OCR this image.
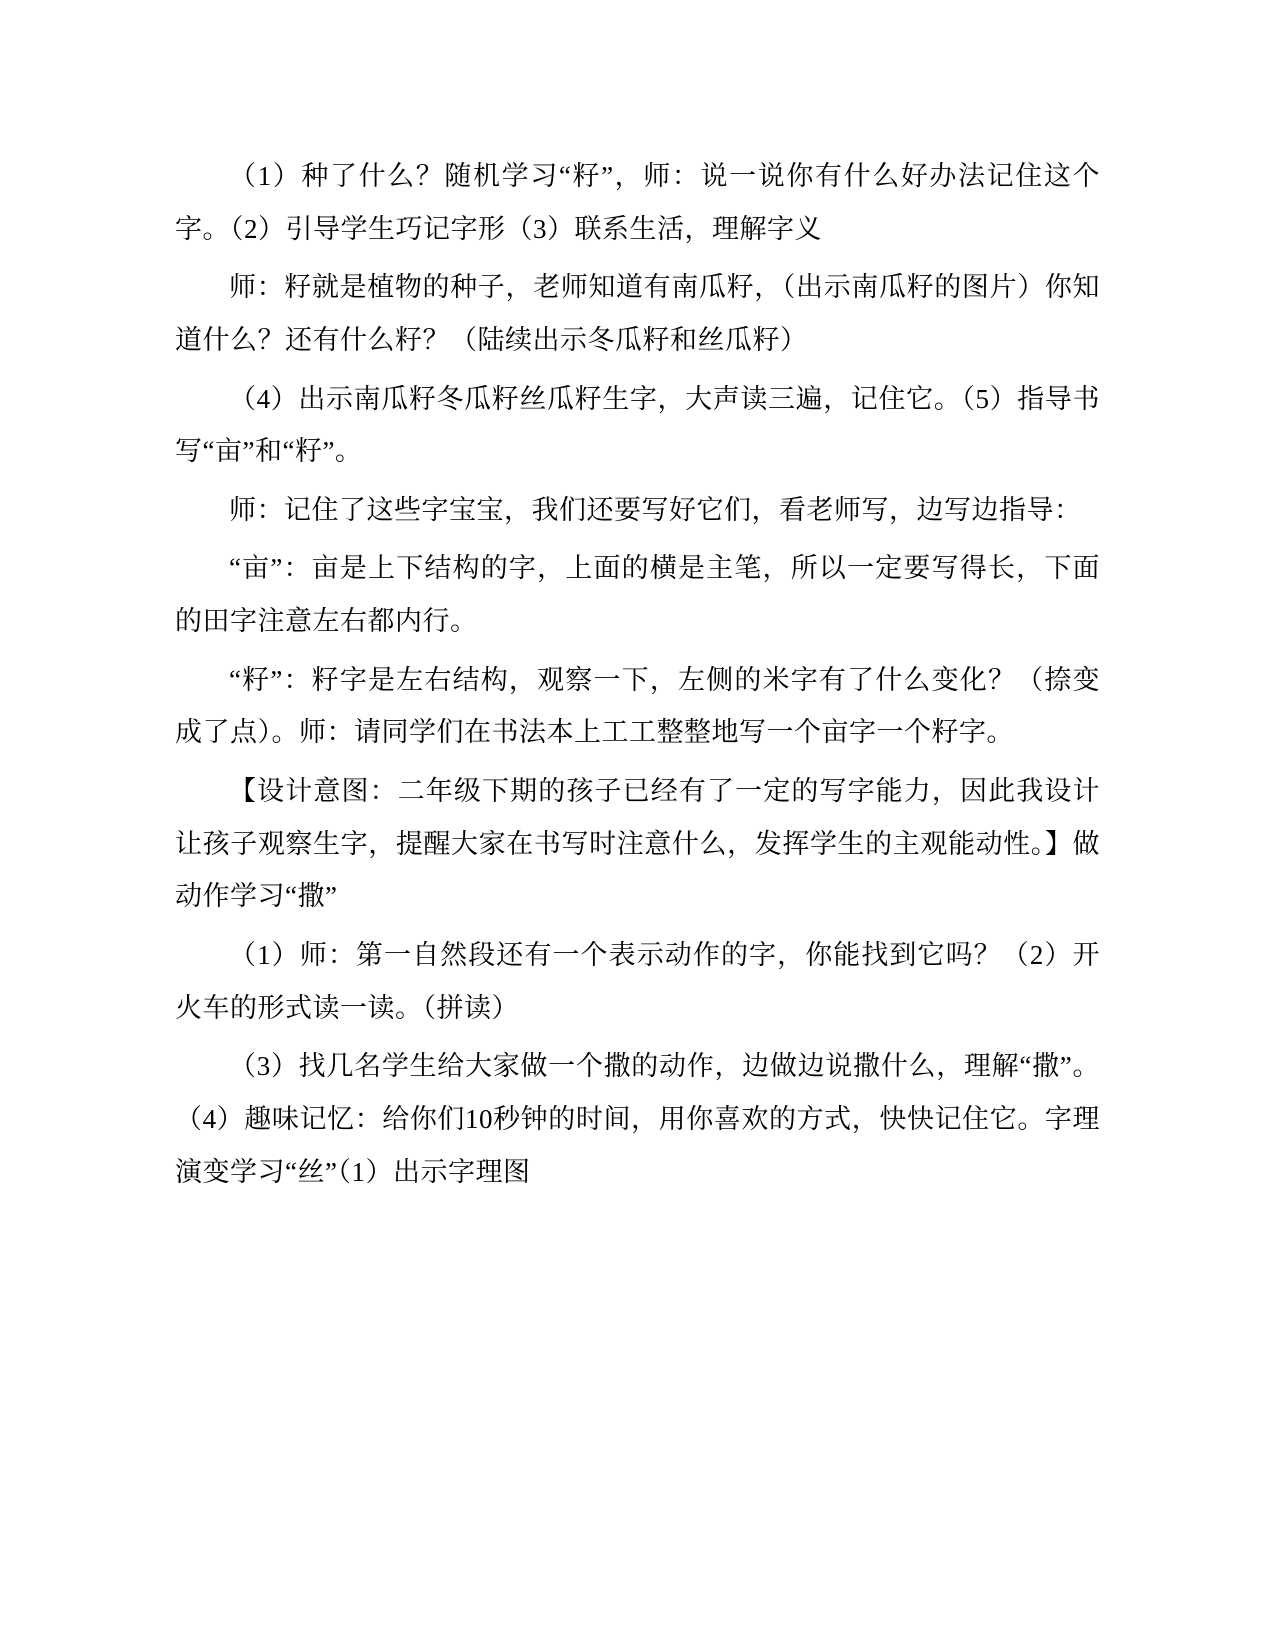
（1）种了什么？随机学习“籽”，师：说一说你有什么好办法记住这个字。（2）引导学生巧记字形（3）联系生活，理解字义

师：籽就是植物的种子，老师知道有南瓜籽，（出示南瓜籽的图片）你知道什么？还有什么籽？（陆续出示冬瓜籽和丝瓜籽）

（4）出示南瓜籽冬瓜籽丝瓜籽生字，大声读三遍，记住它。（5）指导书写“亩”和“籽”。

师：记住了这些字宝宝，我们还要写好它们，看老师写，边写边指导：

“亩”：亩是上下结构的字，上面的横是主笔，所以一定要写得长，下面的田字注意左右都内行。

“籽”：籽字是左右结构，观察一下，左侧的米字有了什么变化？（捺变成了点）。师：请同学们在书法本上工工整整地写一个亩字一个籽字。

【设计意图：二年级下期的孩子已经有了一定的写字能力，因此我设计让孩子观察生字，提醒大家在书写时注意什么，发挥学生的主观能动性。】做动作学习“撒”

（1）师：第一自然段还有一个表示动作的字，你能找到它吗？（2）开火车的形式读一读。（拼读）

（3）找几名学生给大家做一个撒的动作，边做边说撒什么，理解“撒”。（4）趣味记忆：给你们10秒钟的时间，用你喜欢的方式，快快记住它。字理演变学习“丝”（1）出示字理图
